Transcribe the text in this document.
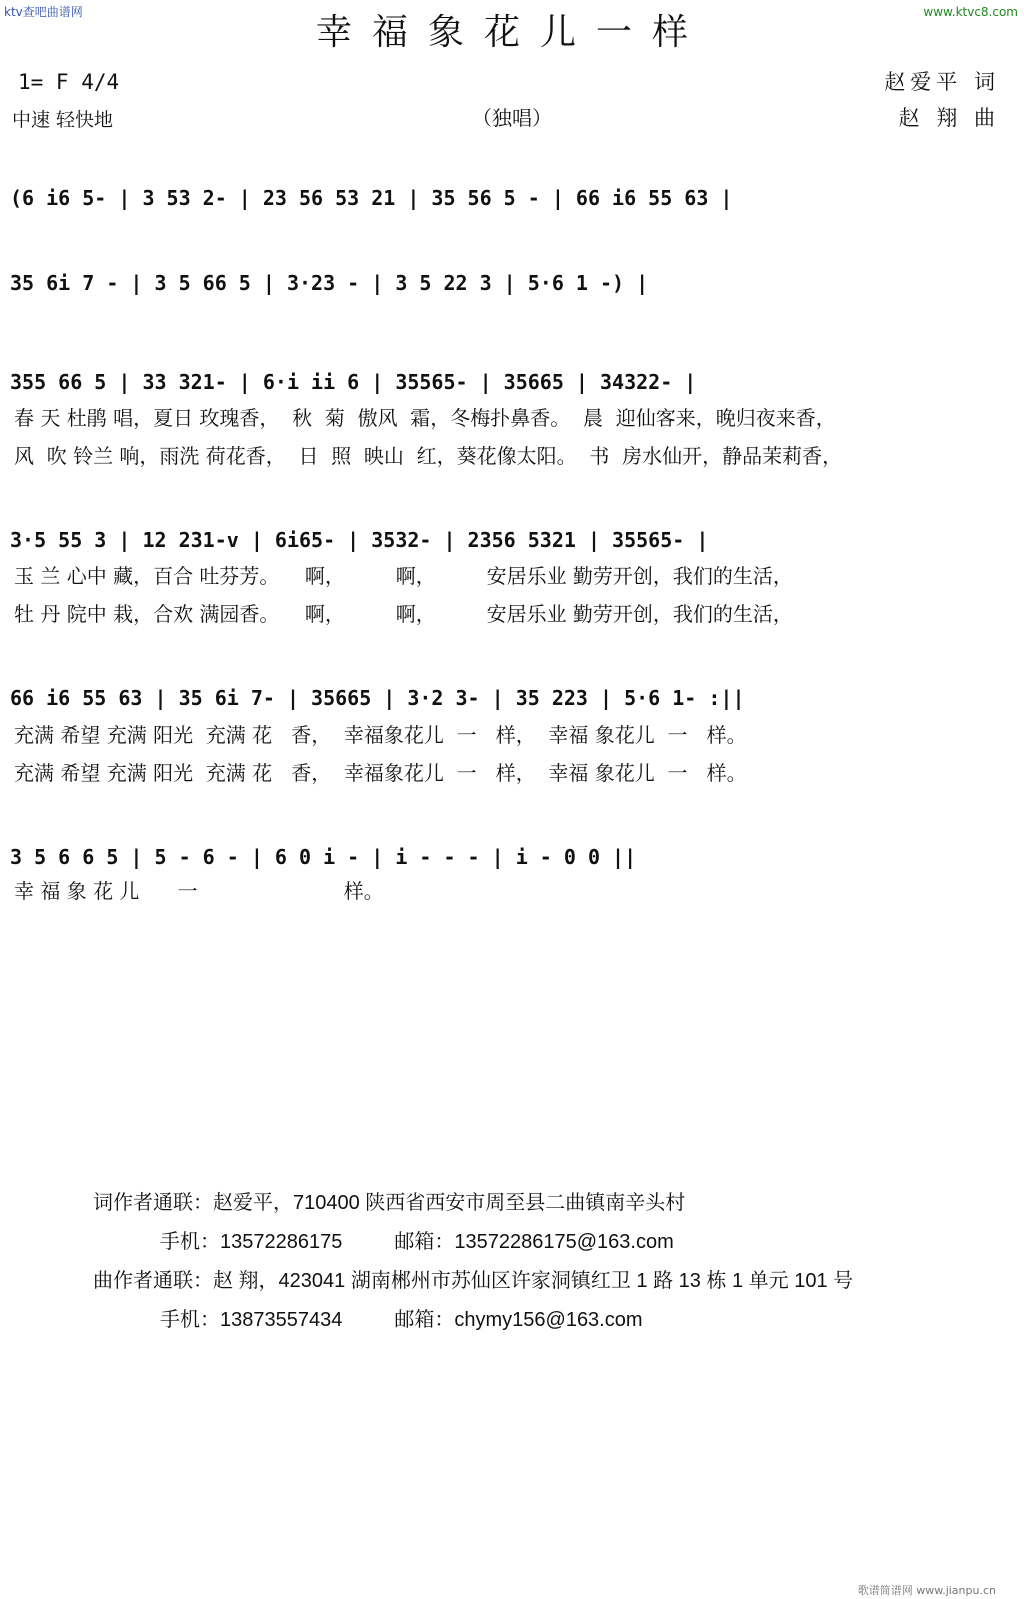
ktv查吧曲谱网	www.ktvc8.com
幸福象花儿一样
1= F 4/4
中速 轻快地	（独唱）
赵爱平 词
赵 翔 曲
(6 i6 5- | 3 53 2- | 23 56 53 21 | 35 56 5 - | 66 i6 55 63 |
35 6i 7 - | 3 5 66 5 | 3·23 - | 3 5 22 3 | 5·6 1 -) |
355 66 5 | 33 321- | 6·i ii 6 | 35565- | 35665 | 34322- |
春 天 杜鹃 唱，夏日 玫瑰香，  秋  菊  傲风  霜，冬梅扑鼻香。  晨  迎仙客来，晚归夜来香，
风  吹 铃兰 响，雨洗 荷花香，  日  照  映山  红，葵花像太阳。  书  房水仙开，静品茉莉香，
3·5 55 3 | 12 231-v | 6i65- | 3532- | 2356 5321 | 35565- |
玉 兰 心中 藏，百合 吐芬芳。    啊，        啊，        安居乐业 勤劳开创，我们的生活，
牡 丹 院中 栽，合欢 满园香。    啊，        啊，        安居乐业 勤劳开创，我们的生活，
66 i6 55 63 | 35 6i 7- | 35665 | 3·2 3- | 35 223 | 5·6 1- :||
充满 希望 充满 阳光  充满 花   香，  幸福象花儿  一   样，  幸福 象花儿  一   样。
充满 希望 充满 阳光  充满 花   香，  幸福象花儿  一   样，  幸福 象花儿  一   样。
3 5 6 6 5 | 5 - 6 - | 6 0 i - | i - - - | i - 0 0 ||
幸 福 象 花 儿      一                       样。
词作者通联：赵爱平，710400 陕西省西安市周至县二曲镇南辛头村
手机：13572286175	邮箱：13572286175@163.com
曲作者通联：赵 翔，423041 湖南郴州市苏仙区许家洞镇红卫 1 路 13 栋 1 单元 101 号
手机：13873557434	邮箱：chymy156@163.com
歌谱简谱网 www.jianpu.cn
